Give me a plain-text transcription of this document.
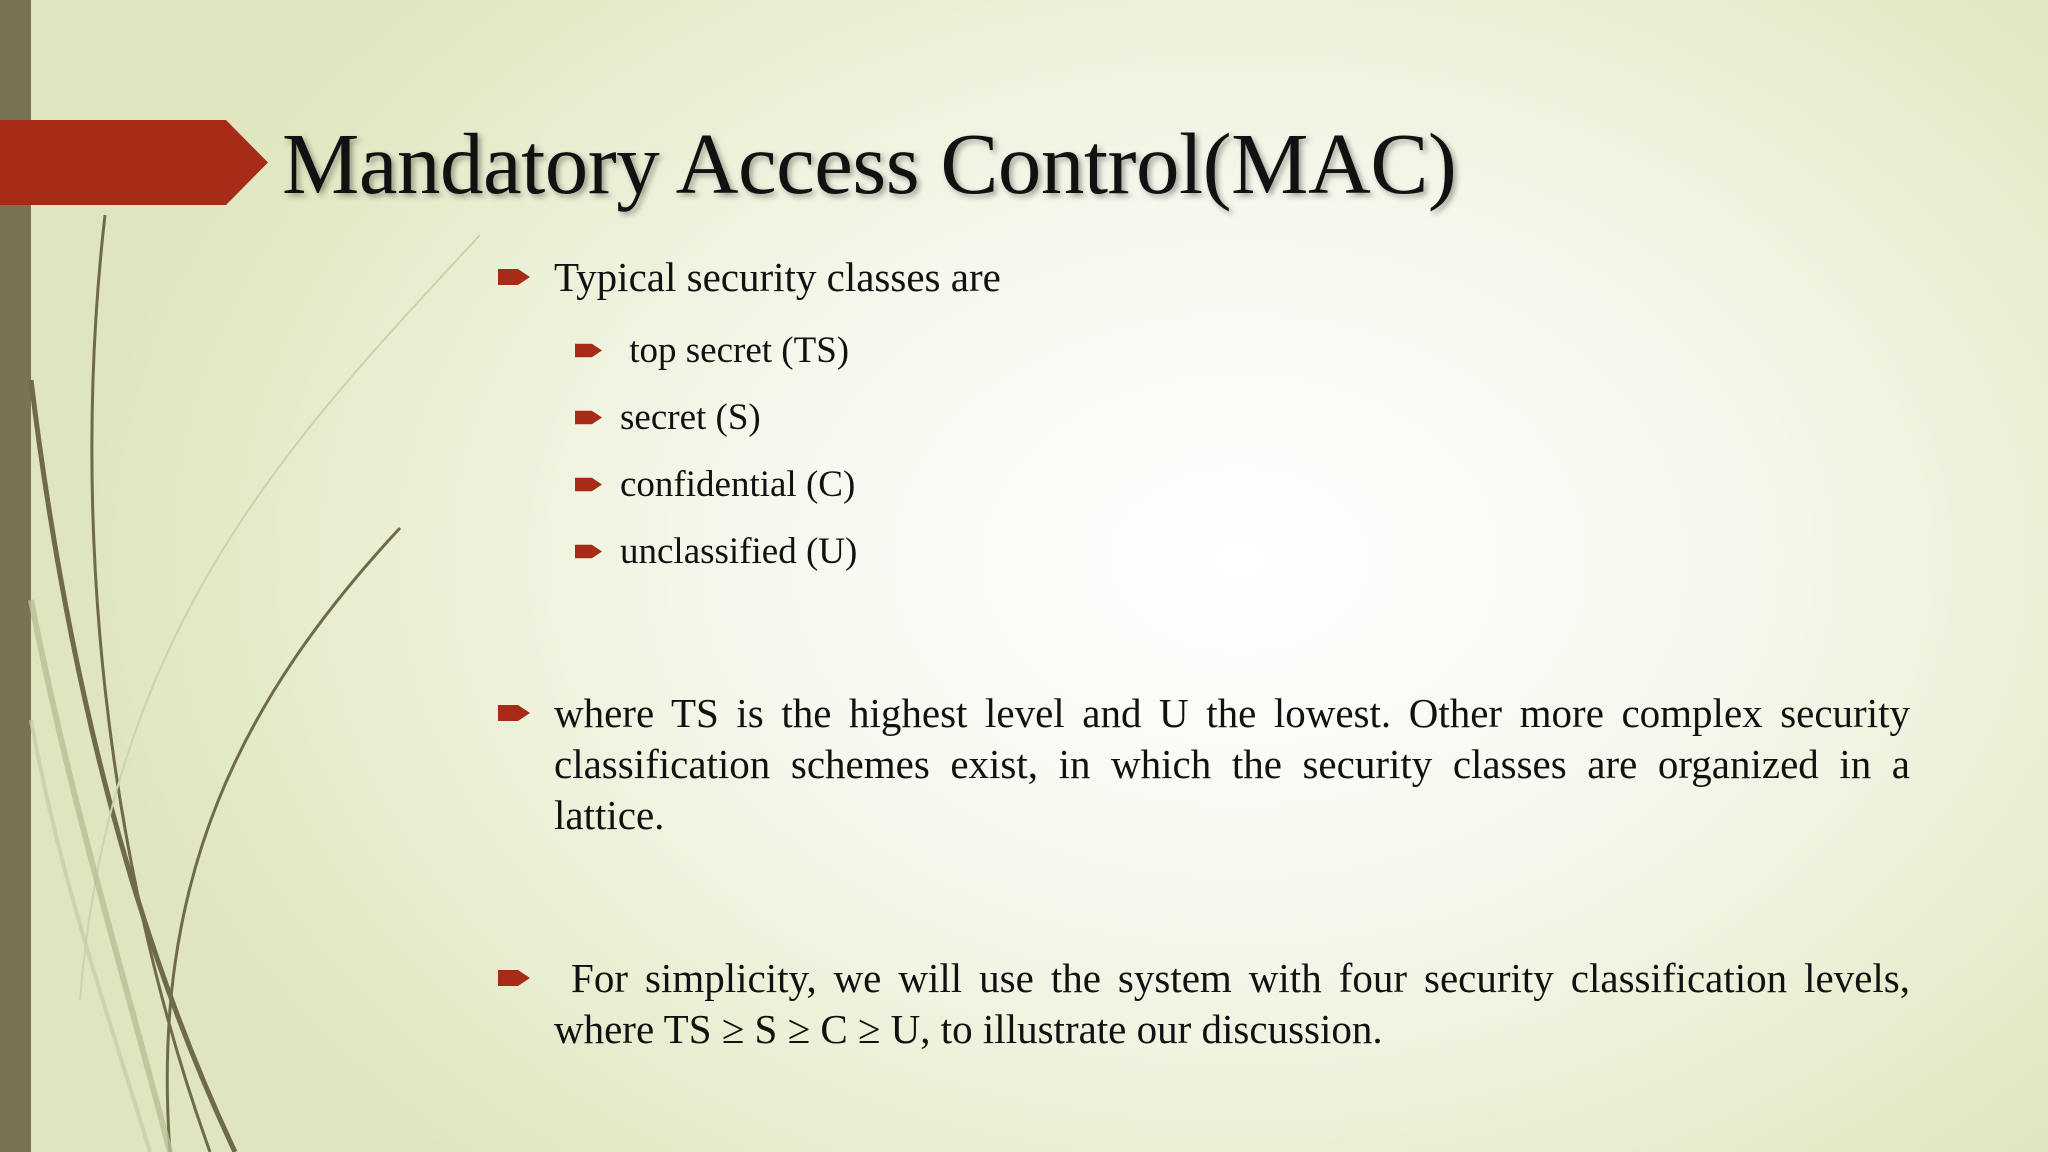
Mandatory Access Control(MAC)
Typical security classes are
top secret (TS)
secret (S)
confidential (C)
unclassified (U)
where TS is the highest level and U the lowest. Other more complex security classification schemes exist, in which the security classes are organized in a lattice.
For simplicity, we will use the system with four security classification levels, where TS ≥ S ≥ C ≥ U, to illustrate our discussion.
